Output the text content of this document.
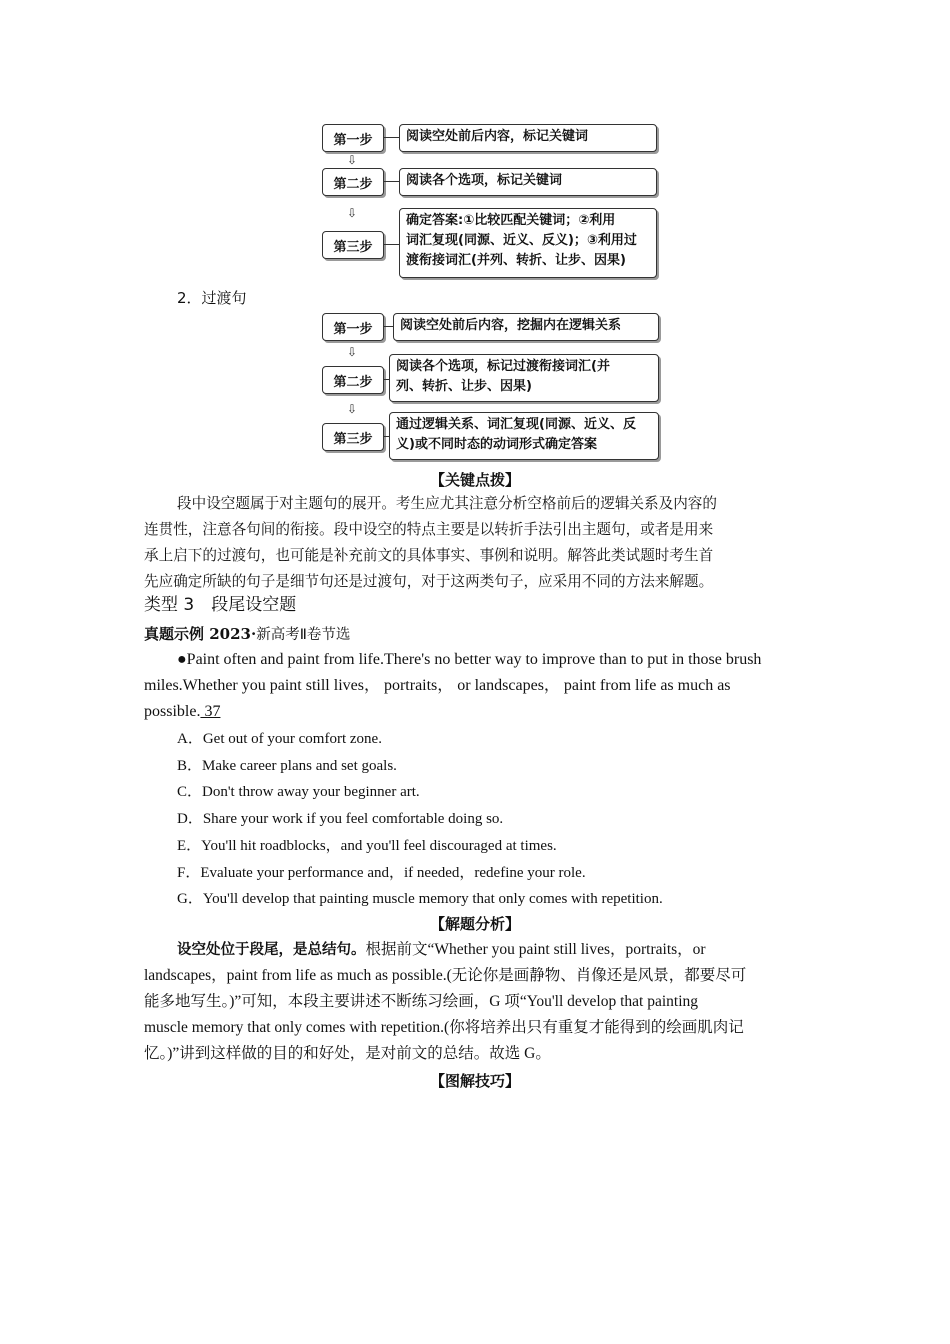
第一步	阅读空处前后内容，标记关键词
⇩
第二步	阅读各个选项，标记关键词
⇩
第三步
确定答案:①比较匹配关键词；②利用
词汇复现(同源、近义、反义)；③利用过
渡衔接词汇(并列、转折、让步、因果)
2．过渡句
第一步	阅读空处前后内容，挖掘内在逻辑关系
⇩
第二步
阅读各个选项，标记过渡衔接词汇(并
列、转折、让步、因果)
⇩
第三步
通过逻辑关系、词汇复现(同源、近义、反
义)或不同时态的动词形式确定答案
【关键点拨】
段中设空题属于对主题句的展开。考生应尤其注意分析空格前后的逻辑关系及内容的
连贯性，注意各句间的衔接。段中设空的特点主要是以转折手法引出主题句，或者是用来
承上启下的过渡句，也可能是补充前文的具体事实、事例和说明。解答此类试题时考生首
先应确定所缺的句子是细节句还是过渡句，对于这两类句子，应采用不同的方法来解题。
类型 3　段尾设空题
真题示例 2023·新高考Ⅱ卷节选
●Paint often and paint from life.There's no better way to improve than to put in those brush
miles.Whether you paint still lives， portraits， or landscapes， paint from life as much as
possible. 37
A．Get out of your comfort zone.
B．Make career plans and set goals.
C．Don't throw away your beginner art.
D．Share your work if you feel comfortable doing so.
E．You'll hit roadblocks，and you'll feel discouraged at times.
F．Evaluate your performance and，if needed，redefine your role.
G．You'll develop that painting muscle memory that only comes with repetition.
【解题分析】
设空处位于段尾，是总结句。根据前文“Whether you paint still lives，portraits，or
landscapes，paint from life as much as possible.(无论你是画静物、肖像还是风景，都要尽可
能多地写生。)”可知，本段主要讲述不断练习绘画，G 项“You'll develop that painting
muscle memory that only comes with repetition.(你将培养出只有重复才能得到的绘画肌肉记
忆。)”讲到这样做的目的和好处，是对前文的总结。故选 G。
【图解技巧】
